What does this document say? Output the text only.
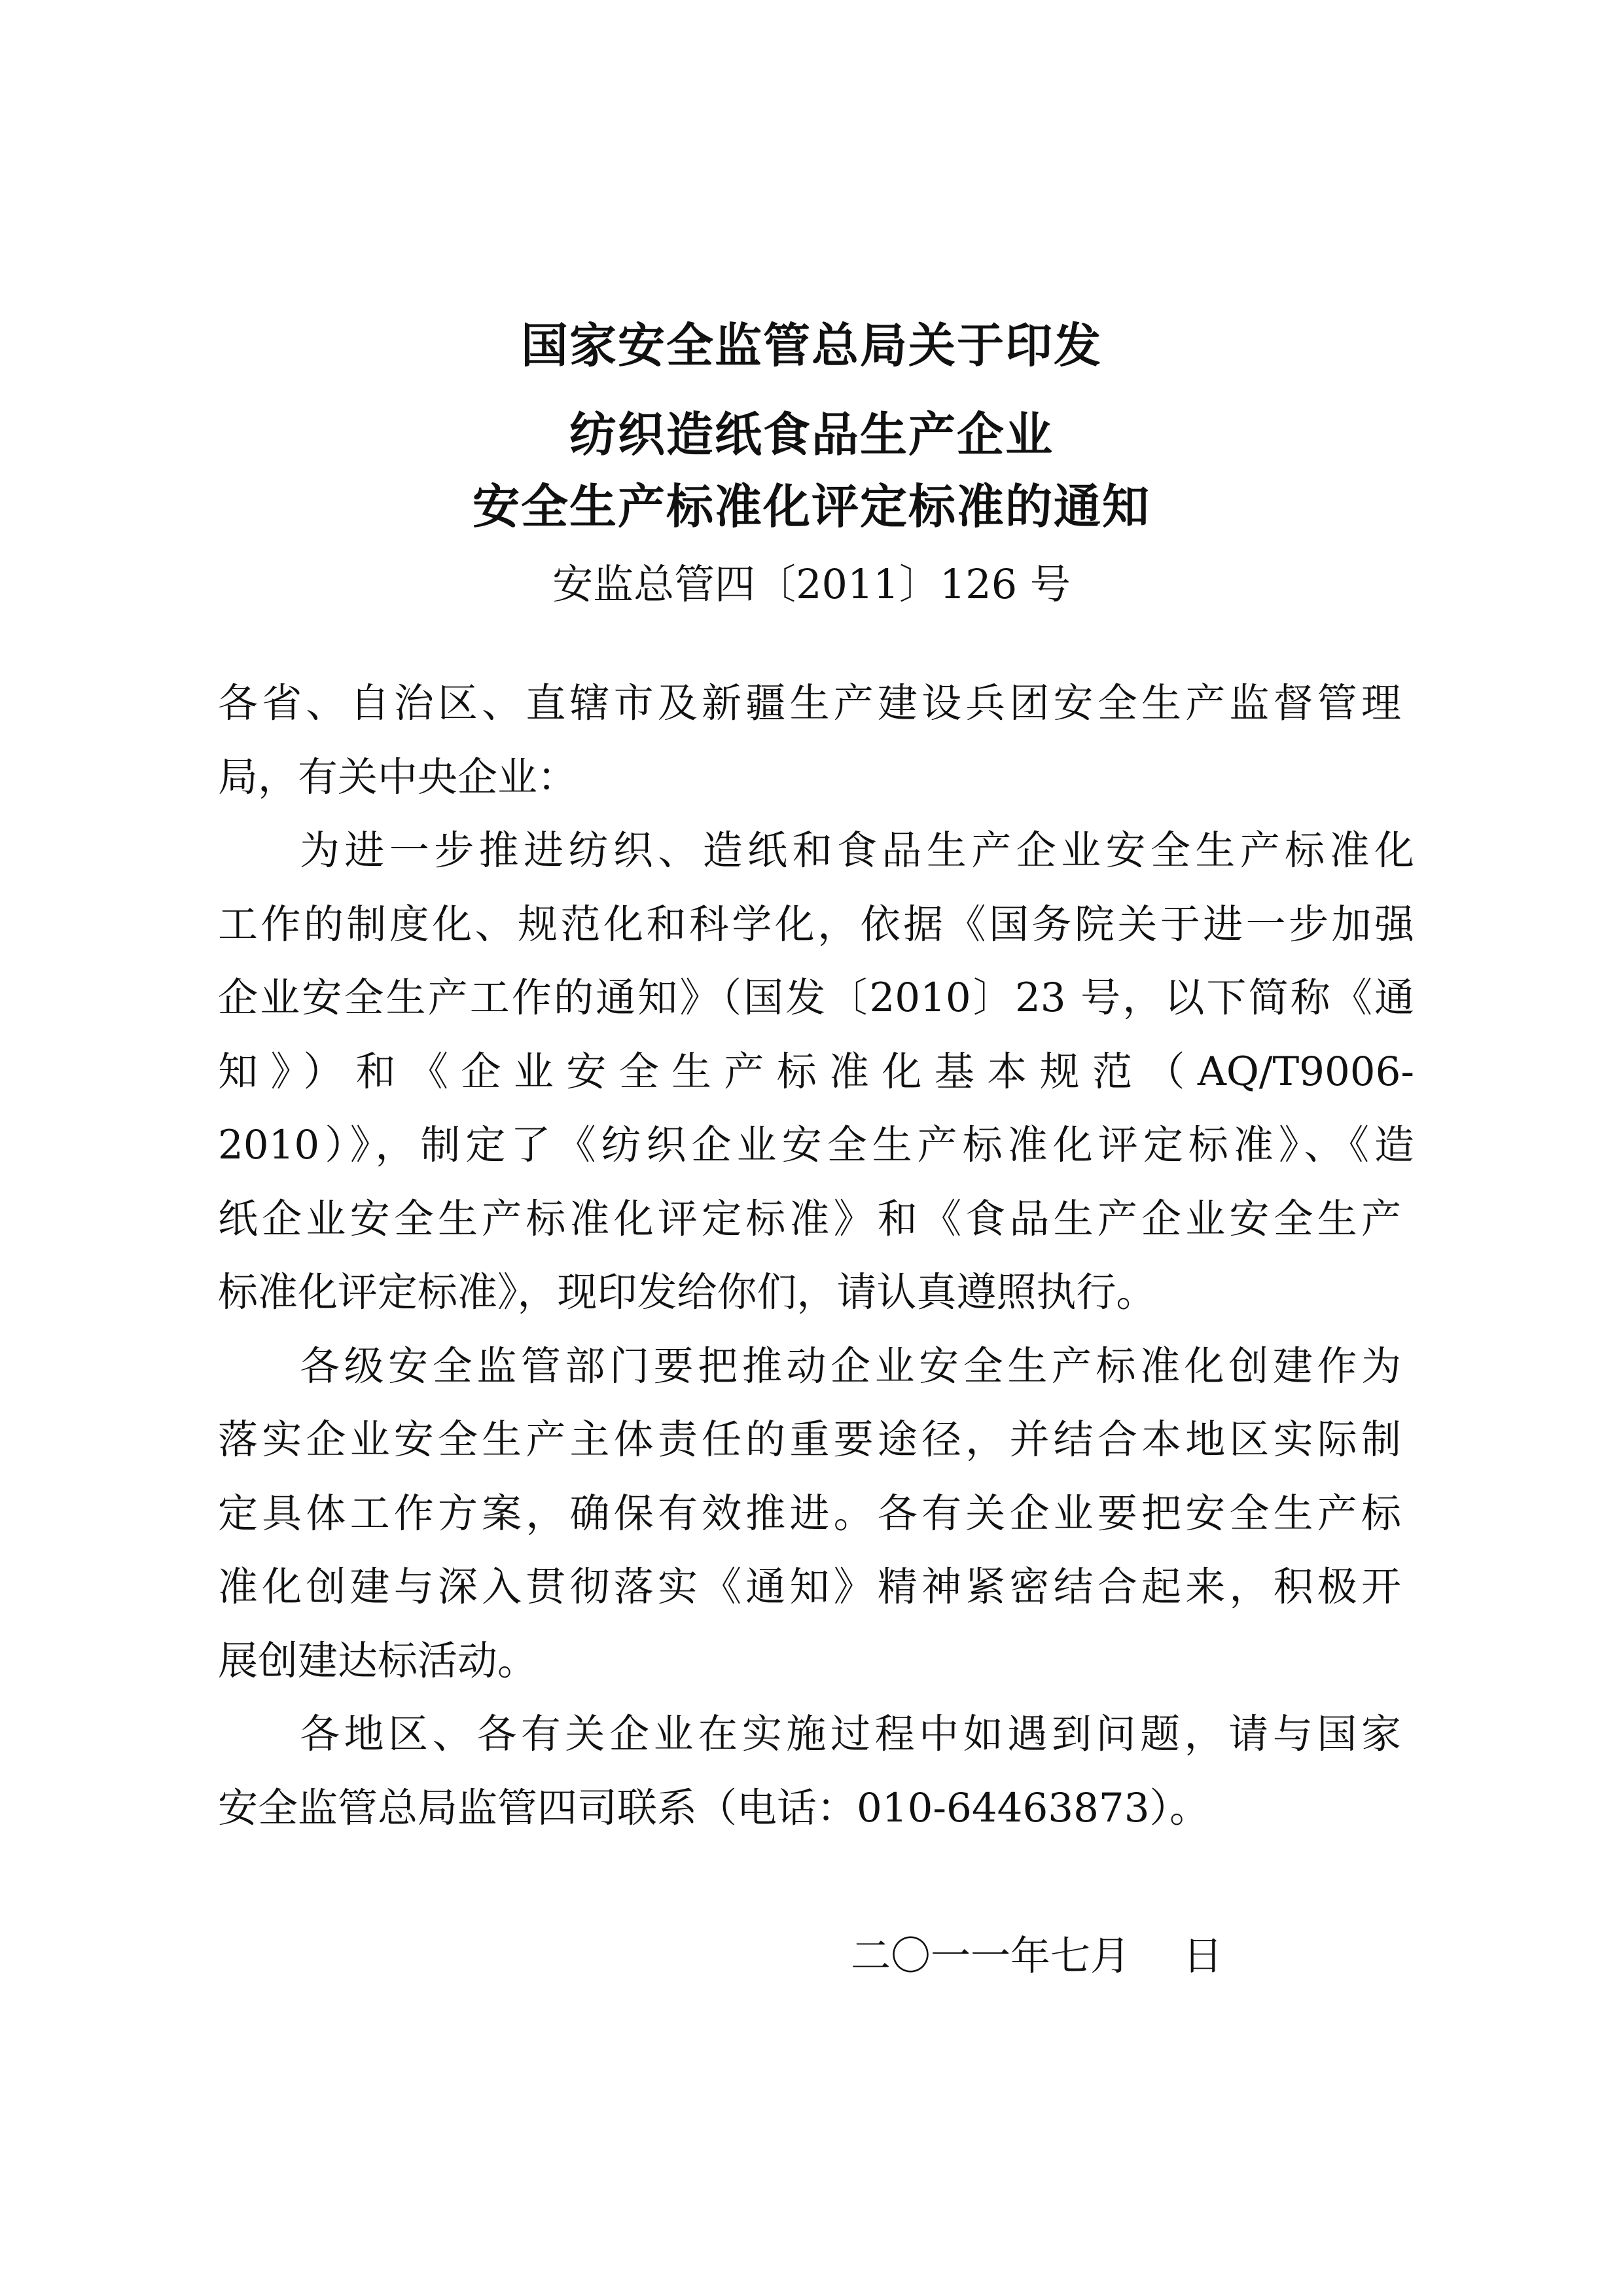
国家安全监管总局关于印发
纺织造纸食品生产企业
安全生产标准化评定标准的通知
安监总管四〔2011〕126 号
各省、自治区、直辖市及新疆生产建设兵团安全生产监督管理
局，有关中央企业：
为进一步推进纺织、造纸和食品生产企业安全生产标准化
工作的制度化、规范化和科学化，依据《国务院关于进一步加强
企业安全生产工作的通知》（国发〔2010〕23 号，以下简称《通
知》）和《企业安全生产标准化基本规范（AQ/T9006-
2010）》，制定了《纺织企业安全生产标准化评定标准》、《造
纸企业安全生产标准化评定标准》和《食品生产企业安全生产
标准化评定标准》，现印发给你们，请认真遵照执行。
各级安全监管部门要把推动企业安全生产标准化创建作为
落实企业安全生产主体责任的重要途径，并结合本地区实际制
定具体工作方案，确保有效推进。各有关企业要把安全生产标
准化创建与深入贯彻落实《通知》精神紧密结合起来，积极开
展创建达标活动。
各地区、各有关企业在实施过程中如遇到问题，请与国家
安全监管总局监管四司联系（电话：010-64463873）。
二〇一一年七月　 日
